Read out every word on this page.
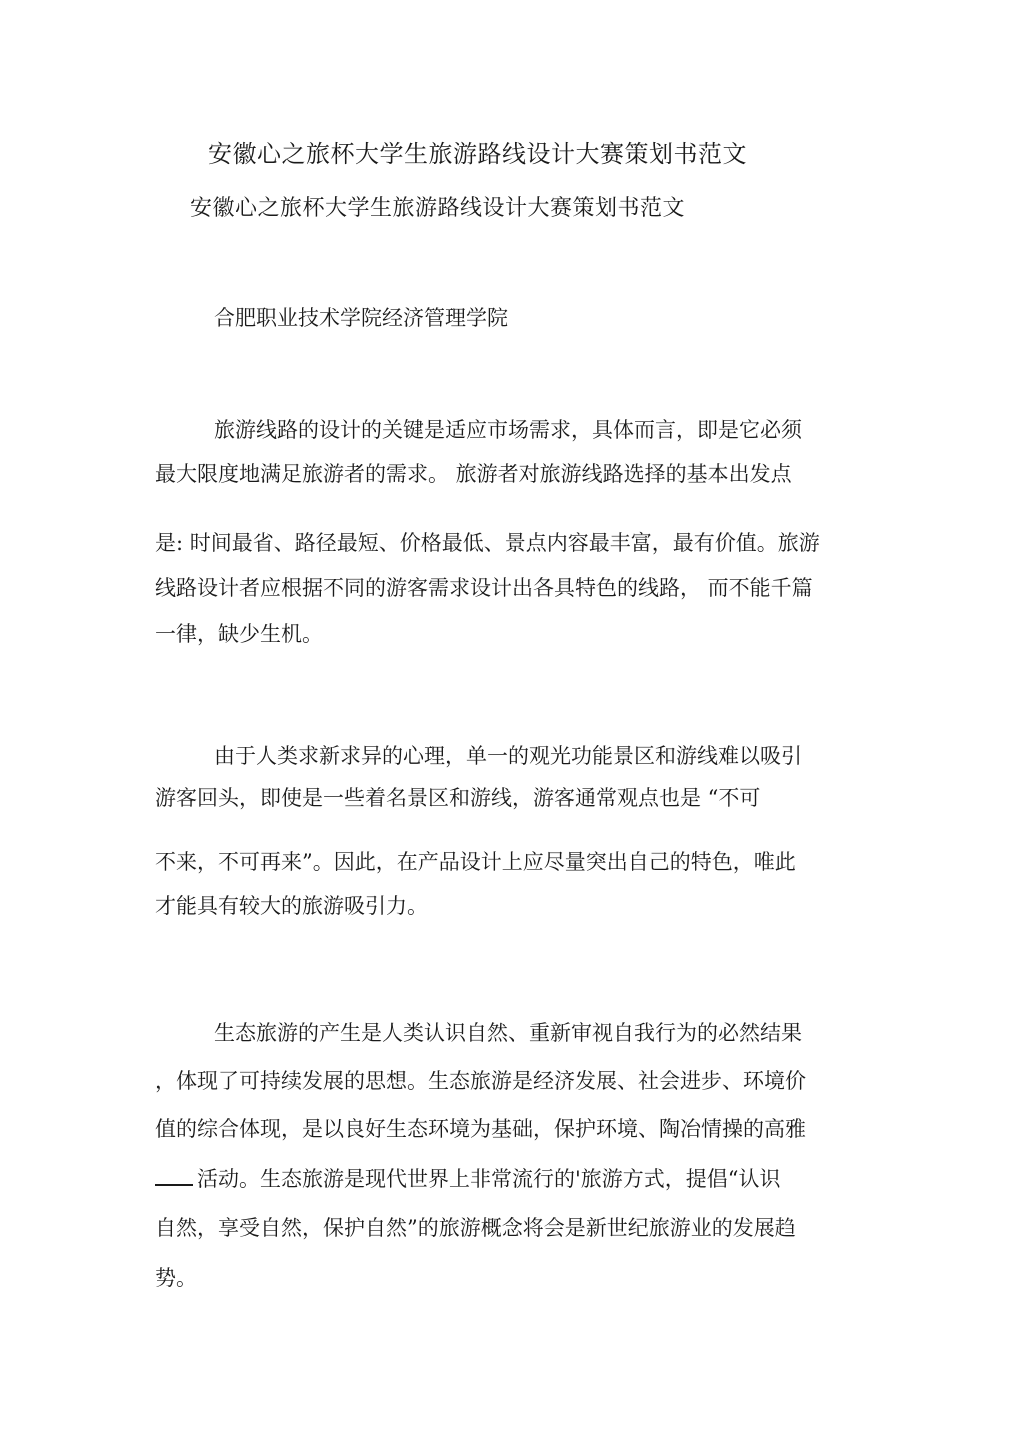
安徽心之旅杯大学生旅游路线设计大赛策划书范文
安徽心之旅杯大学生旅游路线设计大赛策划书范文
合肥职业技术学院经济管理学院
旅游线路的设计的关键是适应市场需求，具体而言，即是它必须
最大限度地满足旅游者的需求。 旅游者对旅游线路选择的基本出发点
是: 时间最省、路径最短、价格最低、景点内容最丰富，最有价值。旅游
线路设计者应根据不同的游客需求设计出各具特色的线路， 而不能千篇
一律，缺少生机。
由于人类求新求异的心理，单一的观光功能景区和游线难以吸引
游客回头，即使是一些着名景区和游线，游客通常观点也是 “不可
不来，不可再来”。因此，在产品设计上应尽量突出自己的特色，唯此
才能具有较大的旅游吸引力。
生态旅游的产生是人类认识自然、重新审视自我行为的必然结果
，体现了可持续发展的思想。生态旅游是经济发展、社会进步、环境价
值的综合体现，是以良好生态环境为基础，保护环境、陶冶情操的高雅
活动。生态旅游是现代世界上非常流行的'旅游方式，提倡“认识
自然，享受自然，保护自然”的旅游概念将会是新世纪旅游业的发展趋
势。
